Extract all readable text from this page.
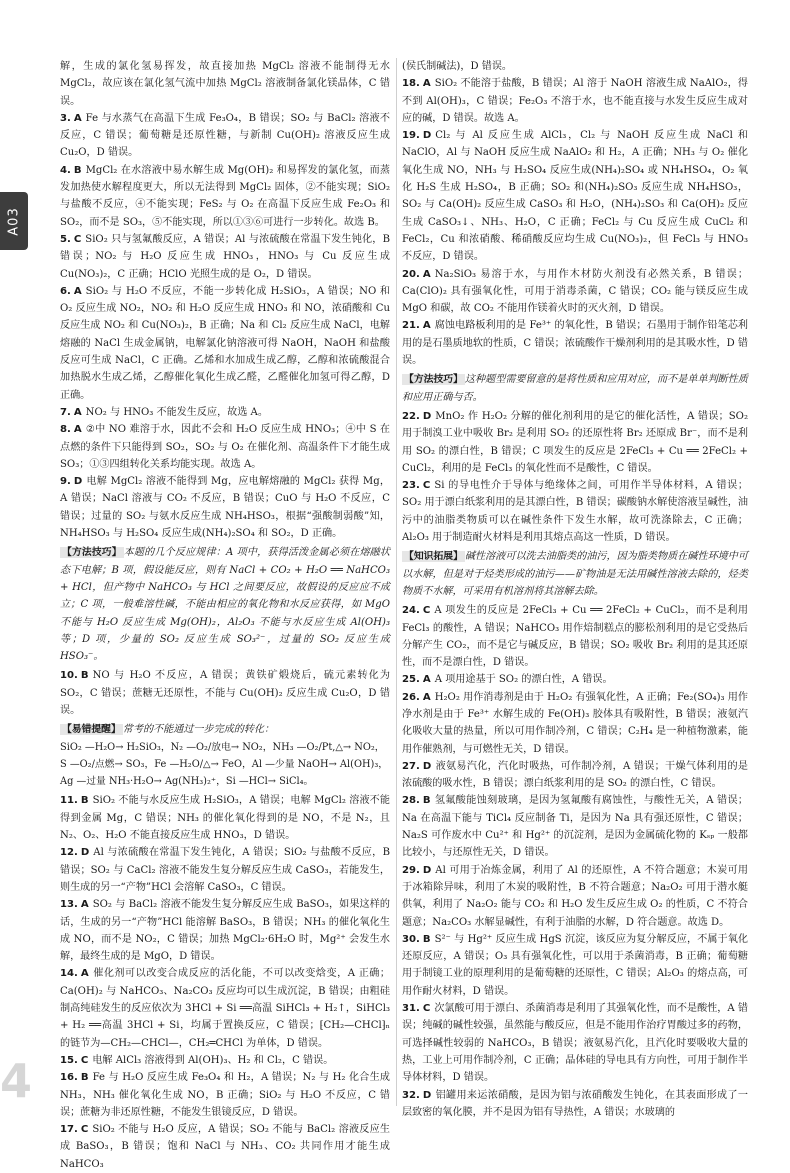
A03
4
解，生成的氯化氢易挥发，故直接加热 MgCl₂ 溶液不能制得无水 MgCl₂，故应该在氯化氢气流中加热 MgCl₂ 溶液制备氯化镁晶体，C 错误。
3. A Fe 与水蒸气在高温下生成 Fe₃O₄，B 错误；SO₂ 与 BaCl₂ 溶液不反应，C 错误；葡萄糖是还原性糖，与新制 Cu(OH)₂ 溶液反应生成 Cu₂O，D 错误。
4. B MgCl₂ 在水溶液中易水解生成 Mg(OH)₂ 和易挥发的氯化氢，而蒸发加热使水解程度更大，所以无法得到 MgCl₂ 固体，②不能实现；SiO₂ 与盐酸不反应，④不能实现；FeS₂ 与 O₂ 在高温下反应生成 Fe₂O₃ 和 SO₂，而不是 SO₃，⑤不能实现，所以①③⑥可进行一步转化。故选 B。
5. C SiO₂ 只与氢氟酸反应，A 错误；Al 与浓硫酸在常温下发生钝化，B 错误；NO₂ 与 H₂O 反应生成 HNO₃，HNO₃ 与 Cu 反应生成 Cu(NO₃)₂，C 正确；HClO 光照生成的是 O₂，D 错误。
6. A SiO₂ 与 H₂O 不反应，不能一步转化成 H₂SiO₃，A 错误；NO 和 O₂ 反应生成 NO₂，NO₂ 和 H₂O 反应生成 HNO₃ 和 NO，浓硝酸和 Cu 反应生成 NO₂ 和 Cu(NO₃)₂，B 正确；Na 和 Cl₂ 反应生成 NaCl，电解熔融的 NaCl 生成金属钠，电解氯化钠溶液可得 NaOH，NaOH 和盐酸反应可生成 NaCl，C 正确。乙烯和水加成生成乙醇，乙醇和浓硫酸混合加热脱水生成乙烯，乙醇催化氧化生成乙醛，乙醛催化加氢可得乙醇，D 正确。
7. A NO₂ 与 HNO₃ 不能发生反应，故选 A。
8. A ②中 NO 难溶于水，因此不会和 H₂O 反应生成 HNO₃；④中 S 在点燃的条件下只能得到 SO₂，SO₂ 与 O₂ 在催化剂、高温条件下才能生成 SO₃；①③四组转化关系均能实现。故选 A。
9. D 电解 MgCl₂ 溶液不能得到 Mg，应电解熔融的 MgCl₂ 获得 Mg，A 错误；NaCl 溶液与 CO₂ 不反应，B 错误；CuO 与 H₂O 不反应，C 错误；过量的 SO₂ 与氨水反应生成 NH₄HSO₃，根据“强酸制弱酸”知，NH₄HSO₃ 与 H₂SO₄ 反应生成(NH₄)₂SO₄ 和 SO₂，D 正确。
【方法技巧】 本题的几个反应规律：A 项中，获得活泼金属必须在熔融状态下电解；B 项，假设能反应，则有 NaCl + CO₂ + H₂O ══ NaHCO₃ + HCl，但产物中 NaHCO₃ 与 HCl 之间要反应，故假设的反应应不成立；C 项，一般难溶性碱，不能由相应的氧化物和水反应获得，如 MgO 不能与 H₂O 反应生成 Mg(OH)₂，Al₂O₃ 不能与水反应生成 Al(OH)₃ 等；D 项，少量的 SO₂ 反应生成 SO₃²⁻，过量的 SO₂ 反应生成 HSO₃⁻。
10. B NO 与 H₂O 不反应，A 错误；黄铁矿煅烧后，硫元素转化为 SO₂，C 错误；蔗糖无还原性，不能与 Cu(OH)₂ 反应生成 Cu₂O，D 错误。
【易错提醒】 常考的不能通过一步完成的转化：
SiO₂ —H₂O→ H₂SiO₃，N₂ —O₂/放电→ NO₂，NH₃ —O₂/Pt,△→ NO₂，
S —O₂/点燃→ SO₃，Fe —H₂O/△→ FeO，Al —少量 NaOH→ Al(OH)₃，
Ag —过量 NH₃·H₂O→ Ag(NH₃)₂⁺，Si —HCl→ SiCl₄。
11. B SiO₂ 不能与水反应生成 H₂SiO₃，A 错误；电解 MgCl₂ 溶液不能得到金属 Mg，C 错误；NH₃ 的催化氧化得到的是 NO，不是 N₂，且 N₂、O₂、H₂O 不能直接反应生成 HNO₃，D 错误。
12. D Al 与浓硫酸在常温下发生钝化，A 错误；SiO₂ 与盐酸不反应，B 错误；SO₂ 与 CaCl₂ 溶液不能发生复分解反应生成 CaSO₃，若能发生，则生成的另一“产物”HCl 会溶解 CaSO₃，C 错误。
13. A SO₂ 与 BaCl₂ 溶液不能发生复分解反应生成 BaSO₃，如果这样的话，生成的另一“产物”HCl 能溶解 BaSO₃，B 错误；NH₃ 的催化氧化生成 NO，而不是 NO₂，C 错误；加热 MgCl₂·6H₂O 时，Mg²⁺ 会发生水解，最终生成的是 MgO，D 错误。
14. A 催化剂可以改变合成反应的活化能，不可以改变焓变，A 正确；Ca(OH)₂ 与 NaHCO₃、Na₂CO₃ 反应均可以生成沉淀，B 错误；由粗硅制高纯硅发生的反应依次为 3HCl + Si ══高温 SiHCl₃ + H₂↑，SiHCl₃ + H₂ ══高温 3HCl + Si，均属于置换反应，C 错误；⁅CH₂—CHCl⁆ₙ 的链节为—CH₂—CHCl—，CH₂═CHCl 为单体，D 错误。
15. C 电解 AlCl₃ 溶液得到 Al(OH)₃、H₂ 和 Cl₂，C 错误。
16. B Fe 与 H₂O 反应生成 Fe₃O₄ 和 H₂，A 错误；N₂ 与 H₂ 化合生成 NH₃，NH₃ 催化氧化生成 NO，B 正确；SiO₂ 与 H₂O 不反应，C 错误；蔗糖为非还原性糖，不能发生银镜反应，D 错误。
17. C SiO₂ 不能与 H₂O 反应，A 错误；SO₂ 不能与 BaCl₂ 溶液反应生成 BaSO₃，B 错误；饱和 NaCl 与 NH₃、CO₂ 共同作用才能生成 NaHCO₃
(侯氏制碱法)，D 错误。
18. A SiO₂ 不能溶于盐酸，B 错误；Al 溶于 NaOH 溶液生成 NaAlO₂，得不到 Al(OH)₃，C 错误；Fe₂O₃ 不溶于水，也不能直接与水发生反应生成对应的碱，D 错误。故选 A。
19. D Cl₂ 与 Al 反应生成 AlCl₃，Cl₂ 与 NaOH 反应生成 NaCl 和 NaClO，Al 与 NaOH 反应生成 NaAlO₂ 和 H₂，A 正确；NH₃ 与 O₂ 催化氧化生成 NO，NH₃ 与 H₂SO₄ 反应生成(NH₄)₂SO₄ 或 NH₄HSO₄，O₂ 氧化 H₂S 生成 H₂SO₄，B 正确；SO₂ 和(NH₄)₂SO₃ 反应生成 NH₄HSO₃，SO₂ 与 Ca(OH)₂ 反应生成 CaSO₃ 和 H₂O，(NH₄)₂SO₃ 和 Ca(OH)₂ 反应生成 CaSO₃↓、NH₃、H₂O，C 正确；FeCl₂ 与 Cu 反应生成 CuCl₂ 和 FeCl₂，Cu 和浓硝酸、稀硝酸反应均生成 Cu(NO₃)₂，但 FeCl₃ 与 HNO₃ 不反应，D 错误。
20. A Na₂SiO₃ 易溶于水，与用作木材防火剂没有必然关系，B 错误；Ca(ClO)₂ 具有强氧化性，可用于消毒杀菌，C 错误；CO₂ 能与镁反应生成 MgO 和碳，故 CO₂ 不能用作镁着火时的灭火剂，D 错误。
21. A 腐蚀电路板利用的是 Fe³⁺ 的氧化性，B 错误；石墨用于制作铅笔芯利用的是石墨质地软的性质，C 错误；浓硫酸作干燥剂利用的是其吸水性，D 错误。
【方法技巧】 这种题型需要留意的是将性质和应用对应，而不是单单判断性质和应用正确与否。
22. D MnO₂ 作 H₂O₂ 分解的催化剂利用的是它的催化活性，A 错误；SO₂ 用于制溴工业中吸收 Br₂ 是利用 SO₂ 的还原性将 Br₂ 还原成 Br⁻，而不是利用 SO₂ 的漂白性，B 错误；C 项发生的反应是 2FeCl₃ + Cu ══ 2FeCl₂ + CuCl₂，利用的是 FeCl₃ 的氧化性而不是酸性，C 错误。
23. C Si 的导电性介于导体与绝缘体之间，可用作半导体材料，A 错误；SO₂ 用于漂白纸浆利用的是其漂白性，B 错误；碳酸钠水解使溶液呈碱性，油污中的油脂类物质可以在碱性条件下发生水解，故可洗涤除去，C 正确；Al₂O₃ 用于制造耐火材料是利用其熔点高这一性质，D 错误。
【知识拓展】 碱性溶液可以洗去油脂类的油污，因为脂类物质在碱性环境中可以水解，但是对于烃类形成的油污——矿物油是无法用碱性溶液去除的，烃类物质不水解，可采用有机溶剂将其溶解去除。
24. C A 项发生的反应是 2FeCl₃ + Cu ══ 2FeCl₂ + CuCl₂，而不是利用 FeCl₃ 的酸性，A 错误；NaHCO₃ 用作焙制糕点的膨松剂利用的是它受热后分解产生 CO₂，而不是它与碱反应，B 错误；SO₂ 吸收 Br₂ 利用的是其还原性，而不是漂白性，D 错误。
25. A A 项用途基于 SO₂ 的漂白性，A 错误。
26. A H₂O₂ 用作消毒剂是由于 H₂O₂ 有强氧化性，A 正确；Fe₂(SO₄)₃ 用作净水剂是由于 Fe³⁺ 水解生成的 Fe(OH)₃ 胶体具有吸附性，B 错误；液氨汽化吸收大量的热量，所以可用作制冷剂，C 错误；C₂H₄ 是一种植物激素，能用作催熟剂，与可燃性无关，D 错误。
27. D 液氨易汽化，汽化时吸热，可作制冷剂，A 错误；干燥气体利用的是浓硫酸的吸水性，B 错误；漂白纸浆利用的是 SO₂ 的漂白性，C 错误。
28. B 氢氟酸能蚀刻玻璃，是因为氢氟酸有腐蚀性，与酸性无关，A 错误；Na 在高温下能与 TiCl₄ 反应制备 Ti，是因为 Na 具有强还原性，C 错误；Na₂S 可作废水中 Cu²⁺ 和 Hg²⁺ 的沉淀剂，是因为金属硫化物的 Kₛₚ 一般都比较小，与还原性无关，D 错误。
29. D Al 可用于冶炼金属，利用了 Al 的还原性，A 不符合题意；木炭可用于冰箱除异味，利用了木炭的吸附性，B 不符合题意；Na₂O₂ 可用于潜水艇供氧，利用了 Na₂O₂ 能与 CO₂ 和 H₂O 发生反应生成 O₂ 的性质，C 不符合题意；Na₂CO₃ 水解显碱性，有利于油脂的水解，D 符合题意。故选 D。
30. B S²⁻ 与 Hg²⁺ 反应生成 HgS 沉淀，该反应为复分解反应，不属于氧化还原反应，A 错误；O₃ 具有强氧化性，可以用于杀菌消毒，B 正确；葡萄糖用于制镜工业的原理利用的是葡萄糖的还原性，C 错误；Al₂O₃ 的熔点高，可用作耐火材料，D 错误。
31. C 次氯酸可用于漂白、杀菌消毒是利用了其强氧化性，而不是酸性，A 错误；纯碱的碱性较强，虽然能与酸反应，但是不能用作治疗胃酸过多的药物，可选择碱性较弱的 NaHCO₃，B 错误；液氨易汽化，且汽化时要吸收大量的热，工业上可用作制冷剂，C 正确；晶体硅的导电具有方向性，可用于制作半导体材料，D 错误。
32. D 铝罐用来运浓硝酸，是因为铝与浓硝酸发生钝化，在其表面形成了一层致密的氧化膜，并不是因为铝有导热性，A 错误；水玻璃的
